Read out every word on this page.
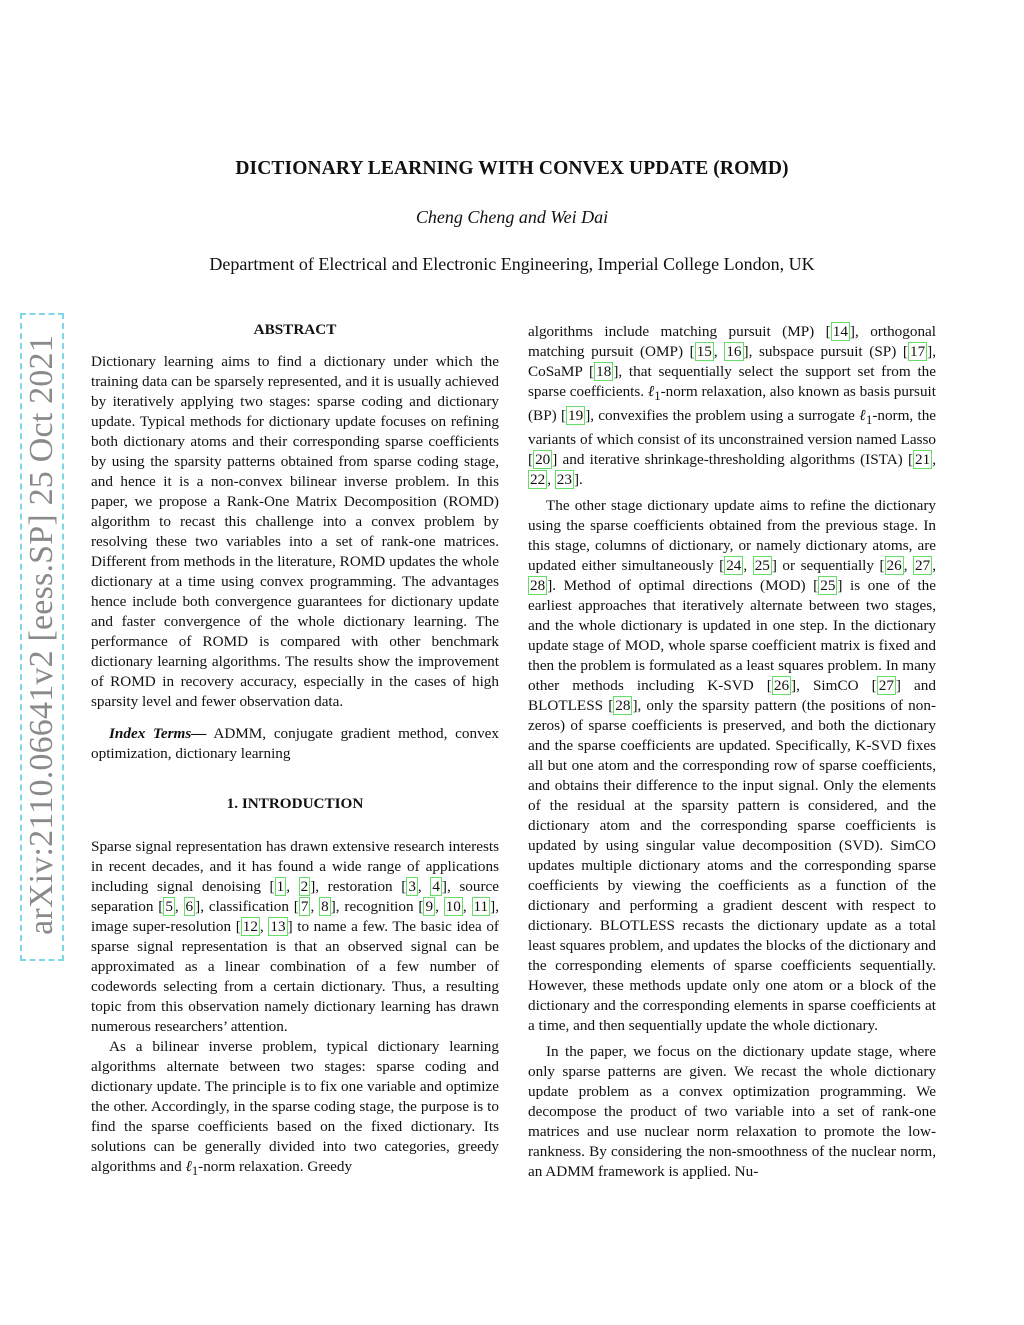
arXiv:2110.06641v2 [eess.SP] 25 Oct 2021
DICTIONARY LEARNING WITH CONVEX UPDATE (ROMD)
Cheng Cheng and Wei Dai
Department of Electrical and Electronic Engineering, Imperial College London, UK
ABSTRACT

Dictionary learning aims to find a dictionary under which the training data can be sparsely represented, and it is usually achieved by iteratively applying two stages: sparse coding and dictionary update. Typical methods for dictionary update focuses on refining both dictionary atoms and their corresponding sparse coefficients by using the sparsity patterns obtained from sparse coding stage, and hence it is a non-convex bilinear inverse problem. In this paper, we propose a Rank-One Matrix Decomposition (ROMD) algorithm to recast this challenge into a convex problem by resolving these two variables into a set of rank-one matrices. Different from methods in the literature, ROMD updates the whole dictionary at a time using convex programming. The advantages hence include both convergence guarantees for dictionary update and faster convergence of the whole dictionary learning. The performance of ROMD is compared with other benchmark dictionary learning algorithms. The results show the improvement of ROMD in recovery accuracy, especially in the cases of high sparsity level and fewer observation data.

Index Terms— ADMM, conjugate gradient method, convex optimization, dictionary learning

1. INTRODUCTION

Sparse signal representation has drawn extensive research interests in recent decades, and it has found a wide range of applications including signal denoising [ 1 , 2 ], restoration [ 3 , 4 ], source separation [ 5 , 6 ], classification [ 7 , 8 ], recognition [ 9 , 10 , 11 ], image super-resolution [ 12 , 13 ] to name a few. The basic idea of sparse signal representation is that an observed signal can be approximated as a linear combination of a few number of codewords selecting from a certain dictionary. Thus, a resulting topic from this observation namely dictionary learning has drawn numerous researchers’ attention.

As a bilinear inverse problem, typical dictionary learning algorithms alternate between two stages: sparse coding and dictionary update. The principle is to fix one variable and optimize the other. Accordingly, in the sparse coding stage, the purpose is to find the sparse coefficients based on the fixed dictionary. Its solutions can be generally divided into two categories, greedy algorithms and ℓ$_1$-norm relaxation. Greedy

algorithms include matching pursuit (MP) [ 14 ], orthogonal matching pursuit (OMP) [ 15 , 16 ], subspace pursuit (SP) [ 17 ], CoSaMP [ 18 ], that sequentially select the support set from the sparse coefficients. ℓ$_1$-norm relaxation, also known as basis pursuit (BP) [ 19 ], convexifies the problem using a surrogate ℓ$_1$-norm, the variants of which consist of its unconstrained version named Lasso [ 20 ] and iterative shrinkage-thresholding algorithms (ISTA) [ 21 , 22 , 23 ].

The other stage dictionary update aims to refine the dictionary using the sparse coefficients obtained from the previous stage. In this stage, columns of dictionary, or namely dictionary atoms, are updated either simultaneously [ 24 , 25 ] or sequentially [ 26 , 27 , 28 ]. Method of optimal directions (MOD) [ 25 ] is one of the earliest approaches that iteratively alternate between two stages, and the whole dictionary is updated in one step. In the dictionary update stage of MOD, whole sparse coefficient matrix is fixed and then the problem is formulated as a least squares problem. In many other methods including K-SVD [ 26 ], SimCO [ 27 ] and BLOTLESS [ 28 ], only the sparsity pattern (the positions of non-zeros) of sparse coefficients is preserved, and both the dictionary and the sparse coefficients are updated. Specifically, K-SVD fixes all but one atom and the corresponding row of sparse coefficients, and obtains their difference to the input signal. Only the elements of the residual at the sparsity pattern is considered, and the dictionary atom and the corresponding sparse coefficients is updated by using singular value decomposition (SVD). SimCO updates multiple dictionary atoms and the corresponding sparse coefficients by viewing the coefficients as a function of the dictionary and performing a gradient descent with respect to dictionary. BLOTLESS recasts the dictionary update as a total least squares problem, and updates the blocks of the dictionary and the corresponding elements of sparse coefficients sequentially. However, these methods update only one atom or a block of the dictionary and the corresponding elements in sparse coefficients at a time, and then sequentially update the whole dictionary.

In the paper, we focus on the dictionary update stage, where only sparse patterns are given. We recast the whole dictionary update problem as a convex optimization programming. We decompose the product of two variable into a set of rank-one matrices and use nuclear norm relaxation to promote the low-rankness. By considering the non-smoothness of the nuclear norm, an ADMM framework is applied. Nu-
